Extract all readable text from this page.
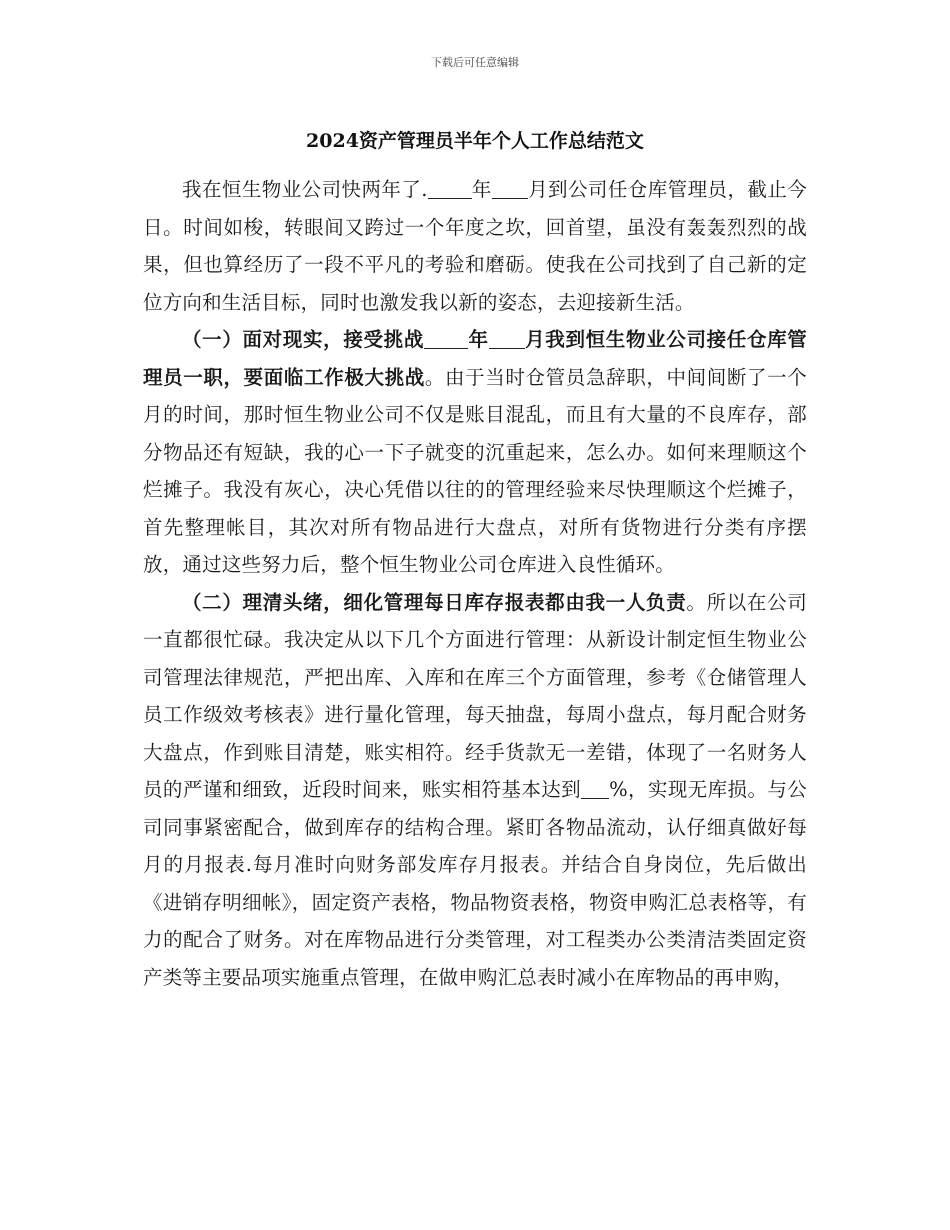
下载后可任意编辑
2024资产管理员半年个人工作总结范文

我在恒生物业公司快两年了. 年 月到公司任仓库管理员，截止今日。时间如梭，转眼间又跨过一个年度之坎，回首望，虽没有轰轰烈烈的战果，但也算经历了一段不平凡的考验和磨砺。使我在公司找到了自己新的定位方向和生活目标，同时也激发我以新的姿态，去迎接新生活。

（一）面对现实，接受挑战 年 月我到恒生物业公司接任仓库管理员一职，要面临工作极大挑战。由于当时仓管员急辞职，中间间断了一个月的时间，那时恒生物业公司不仅是账目混乱，而且有大量的不良库存，部分物品还有短缺，我的心一下子就变的沉重起来，怎么办。如何来理顺这个烂摊子。我没有灰心，决心凭借以往的的管理经验来尽快理顺这个烂摊子，首先整理帐目，其次对所有物品进行大盘点，对所有货物进行分类有序摆放，通过这些努力后，整个恒生物业公司仓库进入良性循环。

（二）理清头绪，细化管理每日库存报表都由我一人负责。所以在公司一直都很忙碌。我决定从以下几个方面进行管理：从新设计制定恒生物业公司管理法律规范，严把出库、入库和在库三个方面管理，参考《仓储管理人员工作级效考核表》进行量化管理，每天抽盘，每周小盘点，每月配合财务大盘点，作到账目清楚，账实相符。经手货款无一差错，体现了一名财务人员的严谨和细致，近段时间来，账实相符基本达到 %，实现无库损。与公司同事紧密配合，做到库存的结构合理。紧盯各物品流动，认仔细真做好每月的月报表.每月准时向财务部发库存月报表。并结合自身岗位，先后做出《进销存明细帐》，固定资产表格，物品物资表格，物资申购汇总表格等，有力的配合了财务。对在库物品进行分类管理，对工程类办公类清洁类固定资产类等主要品项实施重点管理，在做申购汇总表时减小在库物品的再申购，
